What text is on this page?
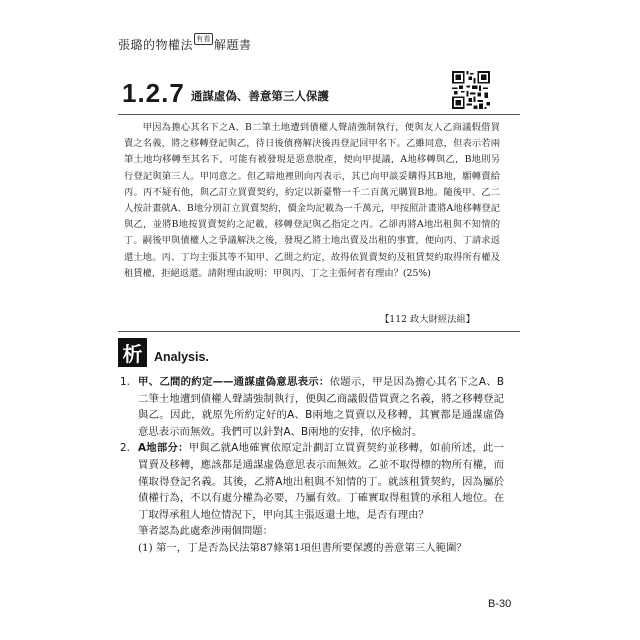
張璐的物權法 有看 解題書
1.2.7 通謀虛偽、善意第三人保護

甲因為擔心其名下之A、B二筆土地遭到債權人聲請強制執行，便與友人乙商議假借買賣之名義，將之移轉登記與乙，待日後債務解決後再登記回甲名下。乙雖同意，但表示若兩筆土地均移轉至其名下，可能有被發現是惡意脫產，便向甲提議，A地移轉與乙，B地則另行登記與第三人。甲同意之。但乙暗地裡則向丙表示，其已向甲談妥購得其B地，願轉賣給丙。丙不疑有他，與乙訂立買賣契約，約定以新臺幣一千二百萬元購買B地。隨後甲、乙二人按計畫就A、B地分別訂立買賣契約，價金均記載為一千萬元，甲按照計畫將A地移轉登記與乙，並將B地按買賣契約之記載，移轉登記與乙指定之丙。乙卻再將A地出租與不知情的丁。嗣後甲與債權人之爭議解決之後，發現乙將土地出賣及出租的事實，便向丙、丁請求返還土地。丙、丁均主張其等不知甲、乙間之約定，故得依買賣契約及租賃契約取得所有權及租賃權，拒絕返還。請附理由說明：甲與丙、丁之主張何者有理由？(25%)

【112 政大財經法組】
析 Analysis.
1. 甲、乙間的約定——通謀虛偽意思表示：依題示，甲是因為擔心其名下之A、B二筆土地遭到債權人聲請強制執行，便與乙商議假借買賣之名義，將之移轉登記與乙。因此，就原先所約定好的A、B兩地之買賣以及移轉，其實都是通謀虛偽意思表示而無效。我們可以針對A、B兩地的安排，依序檢討。
2. A地部分：甲與乙就A地確實依原定計劃訂立買賣契約並移轉，如前所述，此一買賣及移轉，應該都是通謀虛偽意思表示而無效。乙並不取得標的物所有權，而僅取得登記名義。其後，乙將A地出租與不知情的丁。就該租賃契約，因為屬於債權行為，不以有處分權為必要，乃屬有效。丁確實取得租賃的承租人地位。在丁取得承租人地位情況下，甲向其主張返還土地，是否有理由？
筆者認為此處牽涉兩個問題：
(1) 第一，丁是否為民法第87條第1項但書所要保護的善意第三人範圍？
B-30
